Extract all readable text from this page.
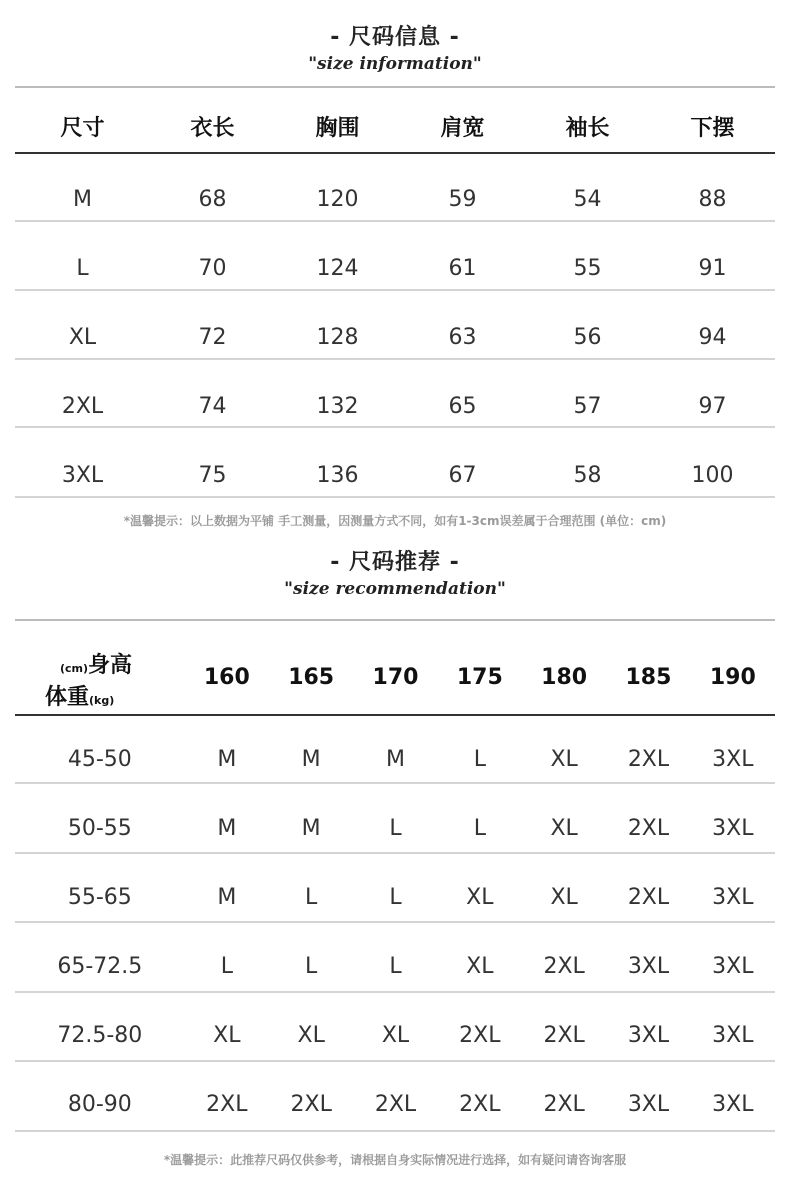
- 尺码信息 -
"size information"
尺寸	衣长	胸围	肩宽	袖长	下摆
M	68	120	59	54	88
L	70	124	61	55	91
XL	72	128	63	56	94
2XL	74	132	65	57	97
3XL	75	136	67	58	100
*温馨提示：以上数据为平铺 手工测量，因测量方式不同，如有1-3cm误差属于合理范围 (单位：cm)
- 尺码推荐 -
"size recommendation"
(cm)身高
体重(kg)
160	165	170	175	180	185	190
45-50	M	M	M	L	XL	2XL	3XL
50-55	M	M	L	L	XL	2XL	3XL
55-65	M	L	L	XL	XL	2XL	3XL
65-72.5	L	L	L	XL	2XL	3XL	3XL
72.5-80	XL	XL	XL	2XL	2XL	3XL	3XL
80-90	2XL	2XL	2XL	2XL	2XL	3XL	3XL
*温馨提示：此推荐尺码仅供参考，请根据自身实际情况进行选择，如有疑问请咨询客服
